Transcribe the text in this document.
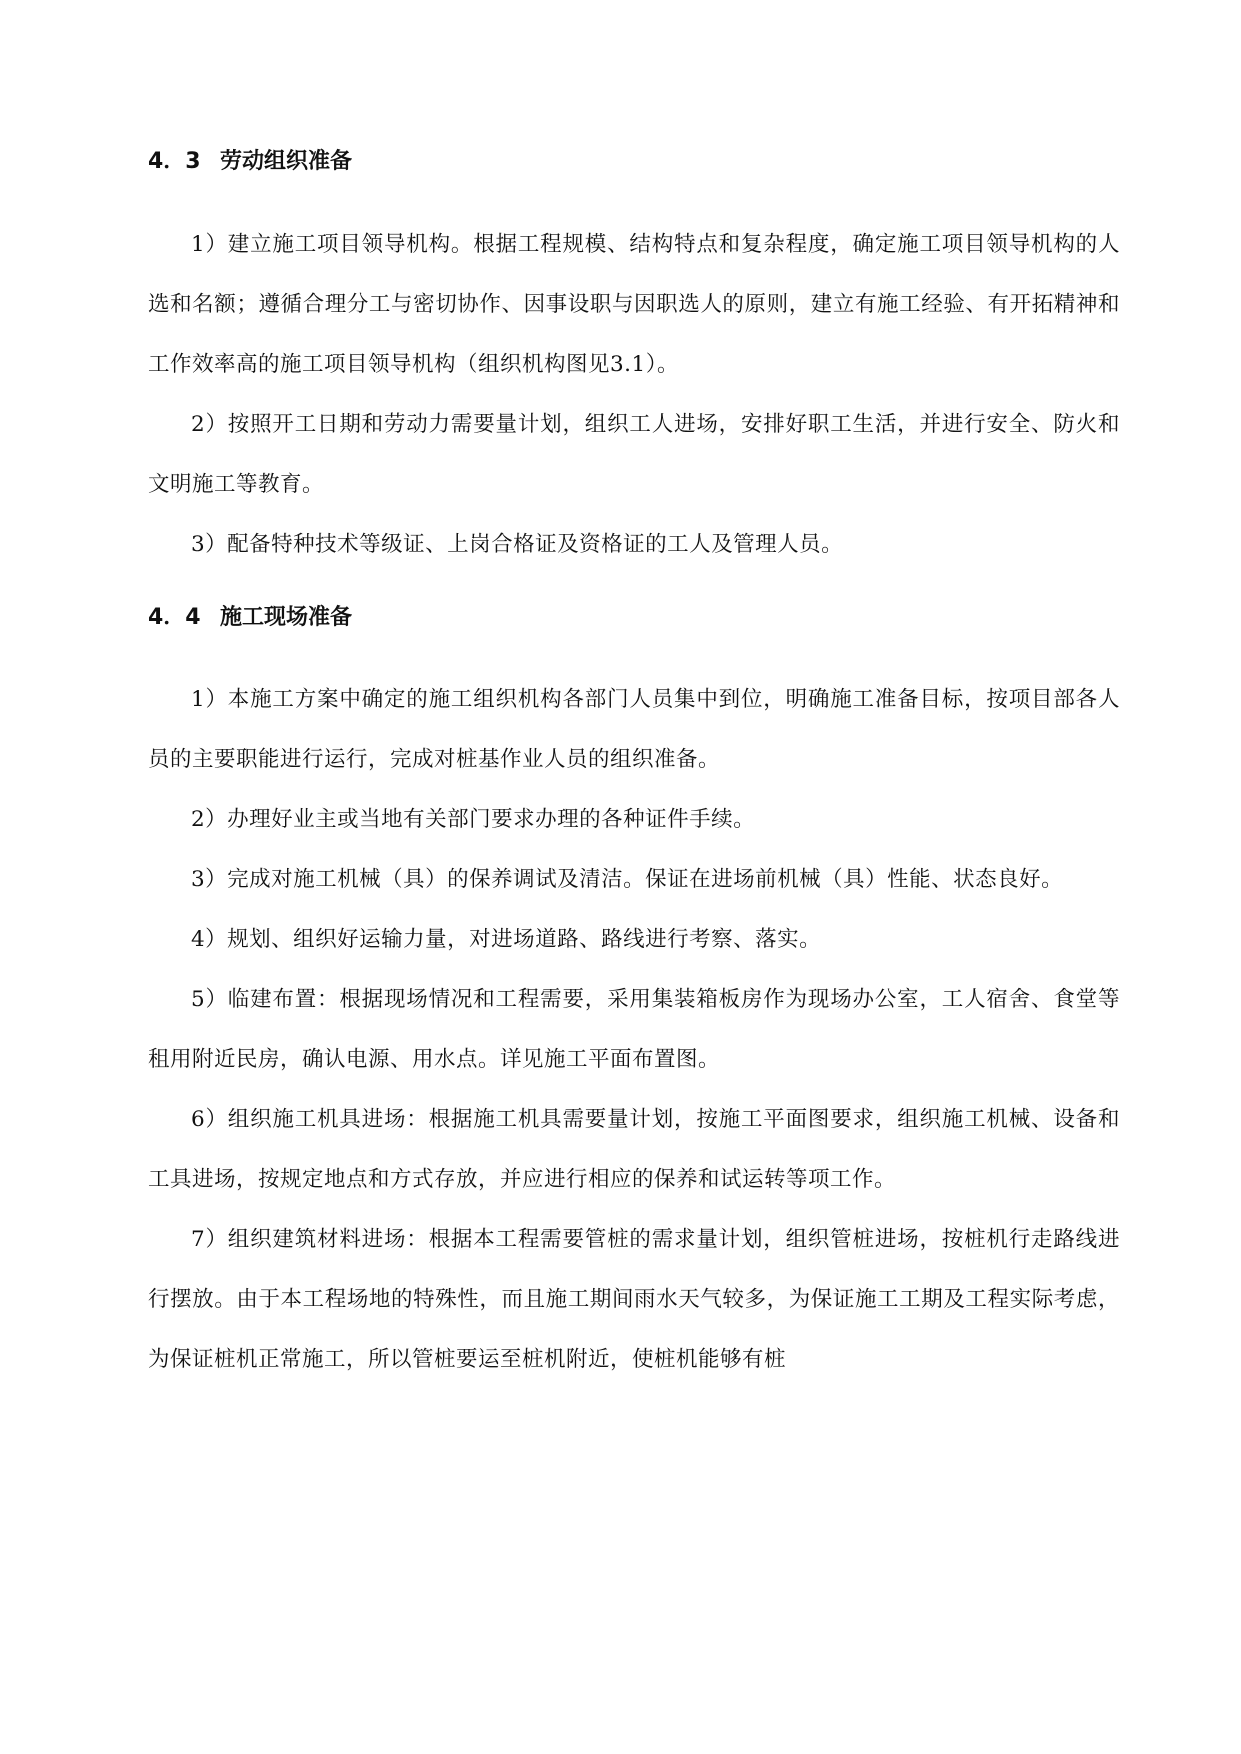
4．3 劳动组织准备

1）建立施工项目领导机构。根据工程规模、结构特点和复杂程度，确定施工项目领导机构的人选和名额；遵循合理分工与密切协作、因事设职与因职选人的原则，建立有施工经验、有开拓精神和工作效率高的施工项目领导机构（组织机构图见3.1）。

2）按照开工日期和劳动力需要量计划，组织工人进场，安排好职工生活，并进行安全、防火和文明施工等教育。

3）配备特种技术等级证、上岗合格证及资格证的工人及管理人员。

4．4 施工现场准备

1）本施工方案中确定的施工组织机构各部门人员集中到位，明确施工准备目标，按项目部各人员的主要职能进行运行，完成对桩基作业人员的组织准备。

2）办理好业主或当地有关部门要求办理的各种证件手续。

3）完成对施工机械（具）的保养调试及清洁。保证在进场前机械（具）性能、状态良好。

4）规划、组织好运输力量，对进场道路、路线进行考察、落实。

5）临建布置：根据现场情况和工程需要，采用集装箱板房作为现场办公室，工人宿舍、食堂等租用附近民房，确认电源、用水点。详见施工平面布置图。

6）组织施工机具进场：根据施工机具需要量计划，按施工平面图要求，组织施工机械、设备和工具进场，按规定地点和方式存放，并应进行相应的保养和试运转等项工作。

7）组织建筑材料进场：根据本工程需要管桩的需求量计划，组织管桩进场，按桩机行走路线进行摆放。由于本工程场地的特殊性，而且施工期间雨水天气较多，为保证施工工期及工程实际考虑，为保证桩机正常施工，所以管桩要运至桩机附近，使桩机能够有桩
